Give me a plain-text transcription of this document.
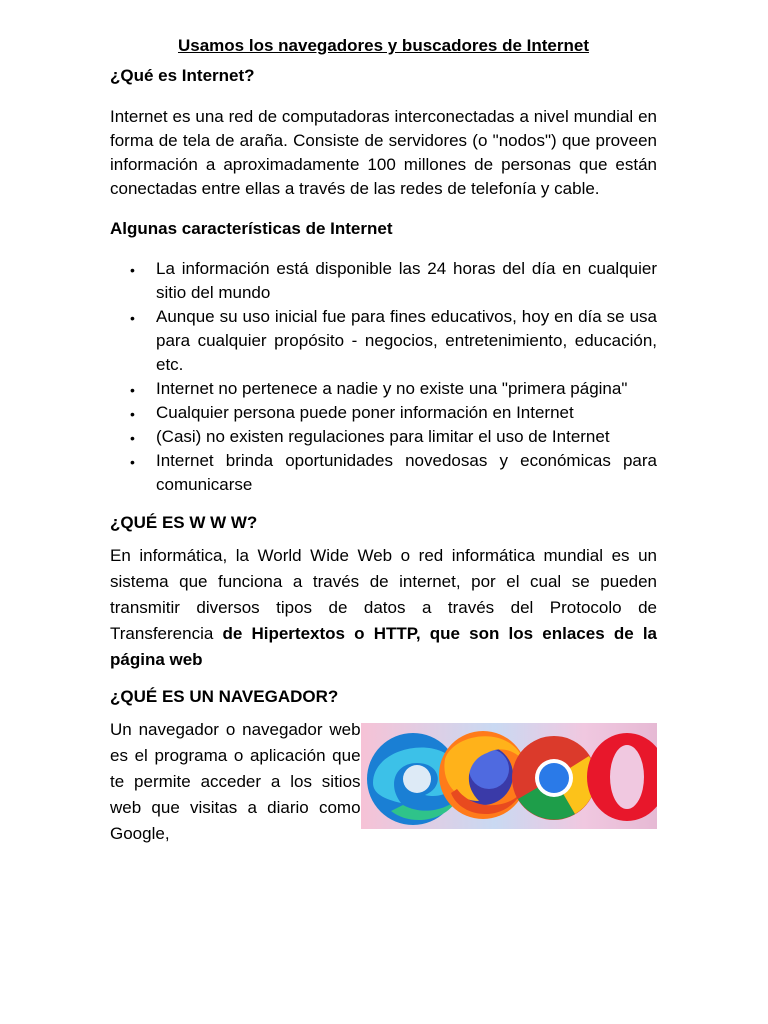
Usamos los navegadores y buscadores de Internet
¿Qué es Internet?

Internet es una red de computadoras interconectadas a nivel mundial en forma de tela de araña. Consiste de servidores (o "nodos") que proveen información a aproximadamente 100 millones de personas que están conectadas entre ellas a través de las redes de telefonía y cable.

Algunas características de Internet
• La información está disponible las 24 horas del día en cualquier sitio del mundo
• Aunque su uso inicial fue para fines educativos, hoy en día se usa para cualquier propósito - negocios, entretenimiento, educación, etc.
• Internet no pertenece a nadie y no existe una "primera página"
• Cualquier persona puede poner información en Internet
• (Casi) no existen regulaciones para limitar el uso de Internet
• Internet brinda oportunidades novedosas y económicas para comunicarse
¿QUÉ ES W W W?

En informática, la World Wide Web o red informática mundial es un sistema que funciona a través de internet, por el cual se pueden transmitir diversos tipos de datos a través del Protocolo de Transferencia de Hipertextos o HTTP, que son los enlaces de la página web

¿QUÉ ES UN NAVEGADOR?

Un navegador o navegador web es el programa o aplicación que te permite acceder a los sitios web que visitas a diario como Google,
